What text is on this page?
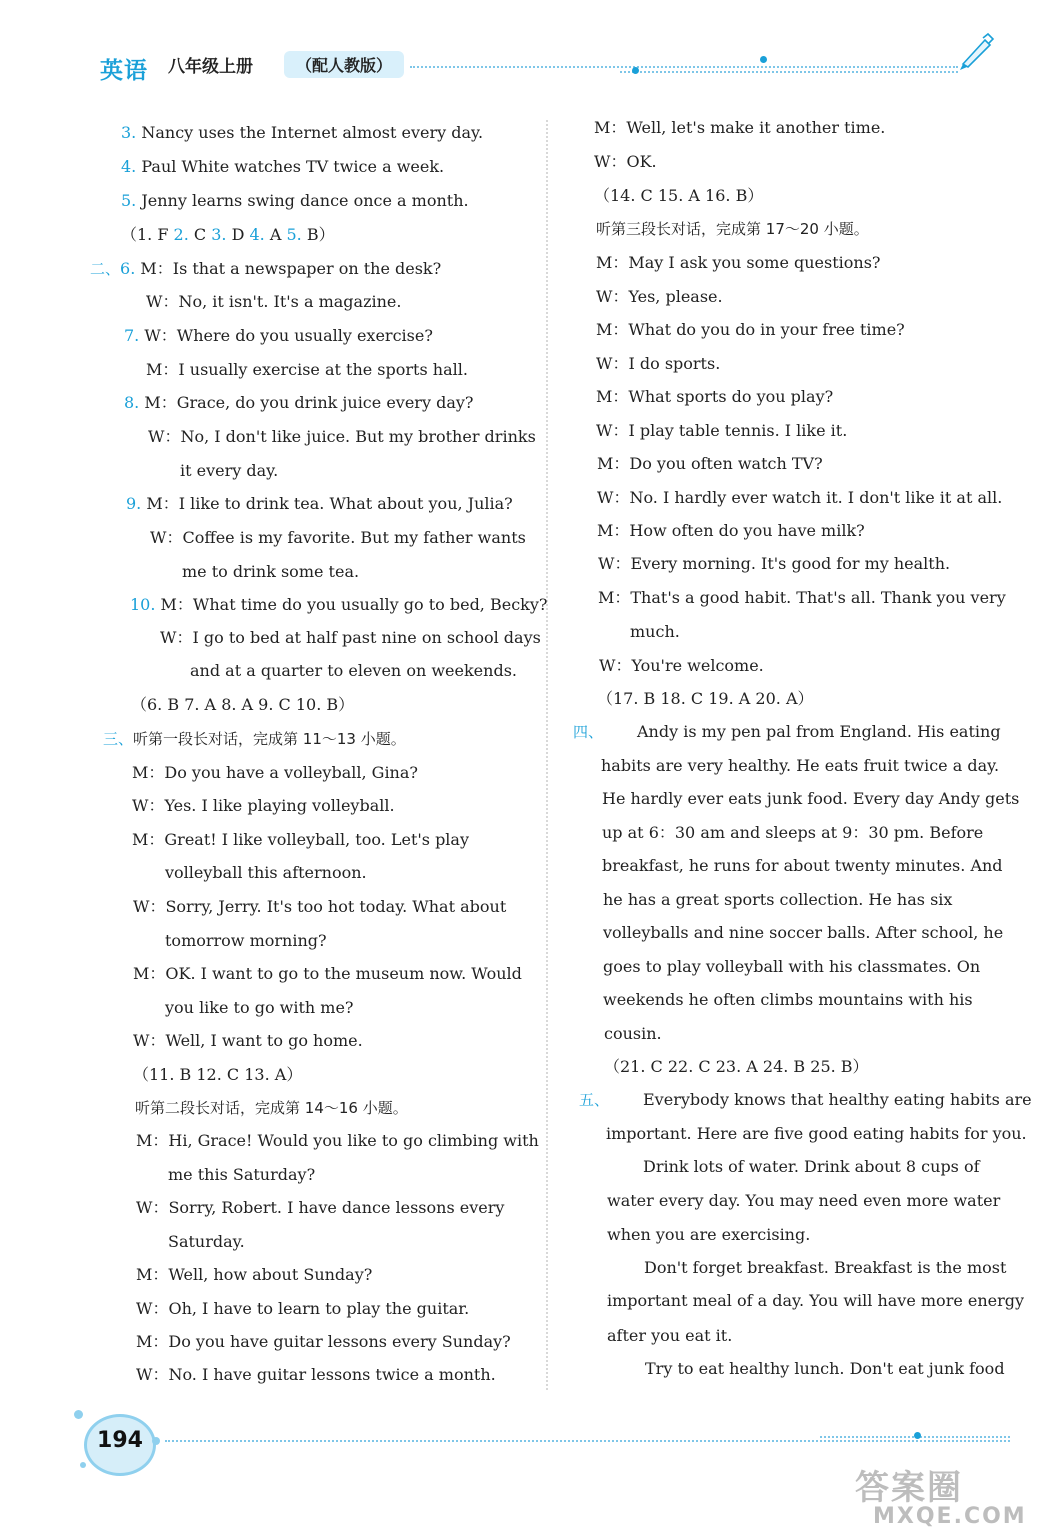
英语 八年级上册	（配人教版）
3. Nancy uses the Internet almost every day.
4. Paul White watches TV twice a week.
5. Jenny learns swing dance once a month.
（1. F 2. C 3. D 4. A 5. B）
二、6. M：Is that a newspaper on the desk?
W：No, it isn't. It's a magazine.
7. W：Where do you usually exercise?
M：I usually exercise at the sports hall.
8. M：Grace, do you drink juice every day?
W：No, I don't like juice. But my brother drinks
it every day.
9. M：I like to drink tea. What about you, Julia?
W：Coffee is my favorite. But my father wants
me to drink some tea.
10. M：What time do you usually go to bed, Becky?
W：I go to bed at half past nine on school days
and at a quarter to eleven on weekends.
（6. B 7. A 8. A 9. C 10. B）
三、听第一段长对话，完成第 11～13 小题。
M：Do you have a volleyball, Gina?
W：Yes. I like playing volleyball.
M：Great! I like volleyball, too. Let's play
volleyball this afternoon.
W：Sorry, Jerry. It's too hot today. What about
tomorrow morning?
M：OK. I want to go to the museum now. Would
you like to go with me?
W：Well, I want to go home.
（11. B 12. C 13. A）
听第二段长对话，完成第 14～16 小题。
M：Hi, Grace! Would you like to go climbing with
me this Saturday?
W：Sorry, Robert. I have dance lessons every
Saturday.
M：Well, how about Sunday?
W：Oh, I have to learn to play the guitar.
M：Do you have guitar lessons every Sunday?
W：No. I have guitar lessons twice a month.
M：Well, let's make it another time.
W：OK.
（14. C 15. A 16. B）
听第三段长对话，完成第 17～20 小题。
M：May I ask you some questions?
W：Yes, please.
M：What do you do in your free time?
W：I do sports.
M：What sports do you play?
W：I play table tennis. I like it.
M：Do you often watch TV?
W：No. I hardly ever watch it. I don't like it at all.
M：How often do you have milk?
W：Every morning. It's good for my health.
M：That's a good habit. That's all. Thank you very
much.
W：You're welcome.
（17. B 18. C 19. A 20. A）
四、 Andy is my pen pal from England. His eating
habits are very healthy. He eats fruit twice a day.
He hardly ever eats junk food. Every day Andy gets
up at 6：30 am and sleeps at 9：30 pm. Before
breakfast, he runs for about twenty minutes. And
he has a great sports collection. He has six
volleyballs and nine soccer balls. After school, he
goes to play volleyball with his classmates. On
weekends he often climbs mountains with his
cousin.
（21. C 22. C 23. A 24. B 25. B）
五、 Everybody knows that healthy eating habits are
important. Here are five good eating habits for you.
Drink lots of water. Drink about 8 cups of
water every day. You may need even more water
when you are exercising.
Don't forget breakfast. Breakfast is the most
important meal of a day. You will have more energy
after you eat it.
Try to eat healthy lunch. Don't eat junk food
194
答案圈
MXQE.COM
